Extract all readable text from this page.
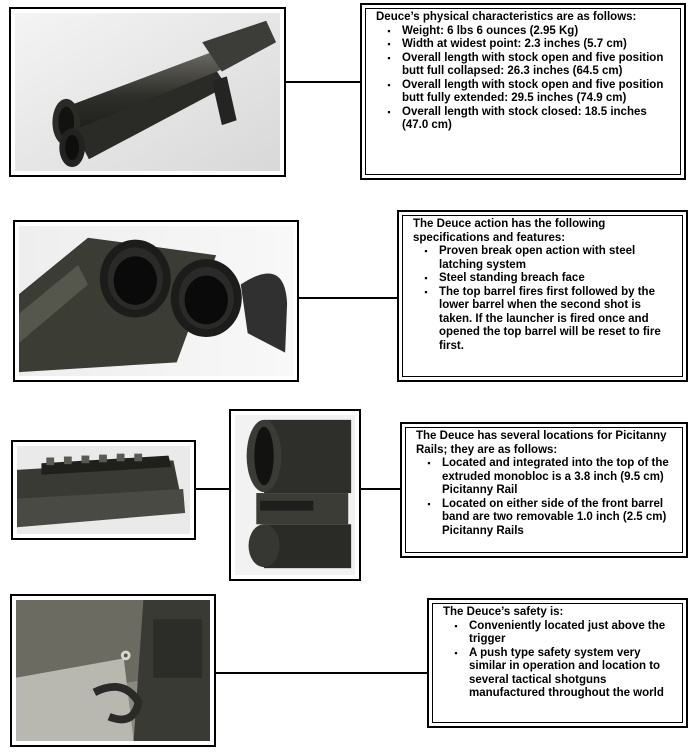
Deuce’s physical characteristics are as follows:

▪ Weight: 6 lbs 6 ounces (2.95 Kg)
▪ Width at widest point: 2.3 inches (5.7 cm)
▪ Overall length with stock open and five position butt full collapsed: 26.3 inches (64.5 cm)
▪ Overall length with stock open and five position butt fully extended: 29.5 inches (74.9 cm)
▪ Overall length with stock closed: 18.5 inches (47.0 cm)

The Deuce action has the following specifications and features:

▪ Proven break open action with steel latching system
▪ Steel standing breach face
▪ The top barrel fires first followed by the lower barrel when the second shot is taken. If the launcher is fired once and opened the top barrel will be reset to fire first.

The Deuce has several locations for Picitanny Rails; they are as follows:

▪ Located and integrated into the top of the extruded monobloc is a 3.8 inch (9.5 cm) Picitanny Rail
▪ Located on either side of the front barrel band are two removable 1.0 inch (2.5 cm) Picitanny Rails

The Deuce’s safety is:

▪ Conveniently located just above the trigger
▪ A push type safety system very similar in operation and location to several tactical shotguns manufactured throughout the world
